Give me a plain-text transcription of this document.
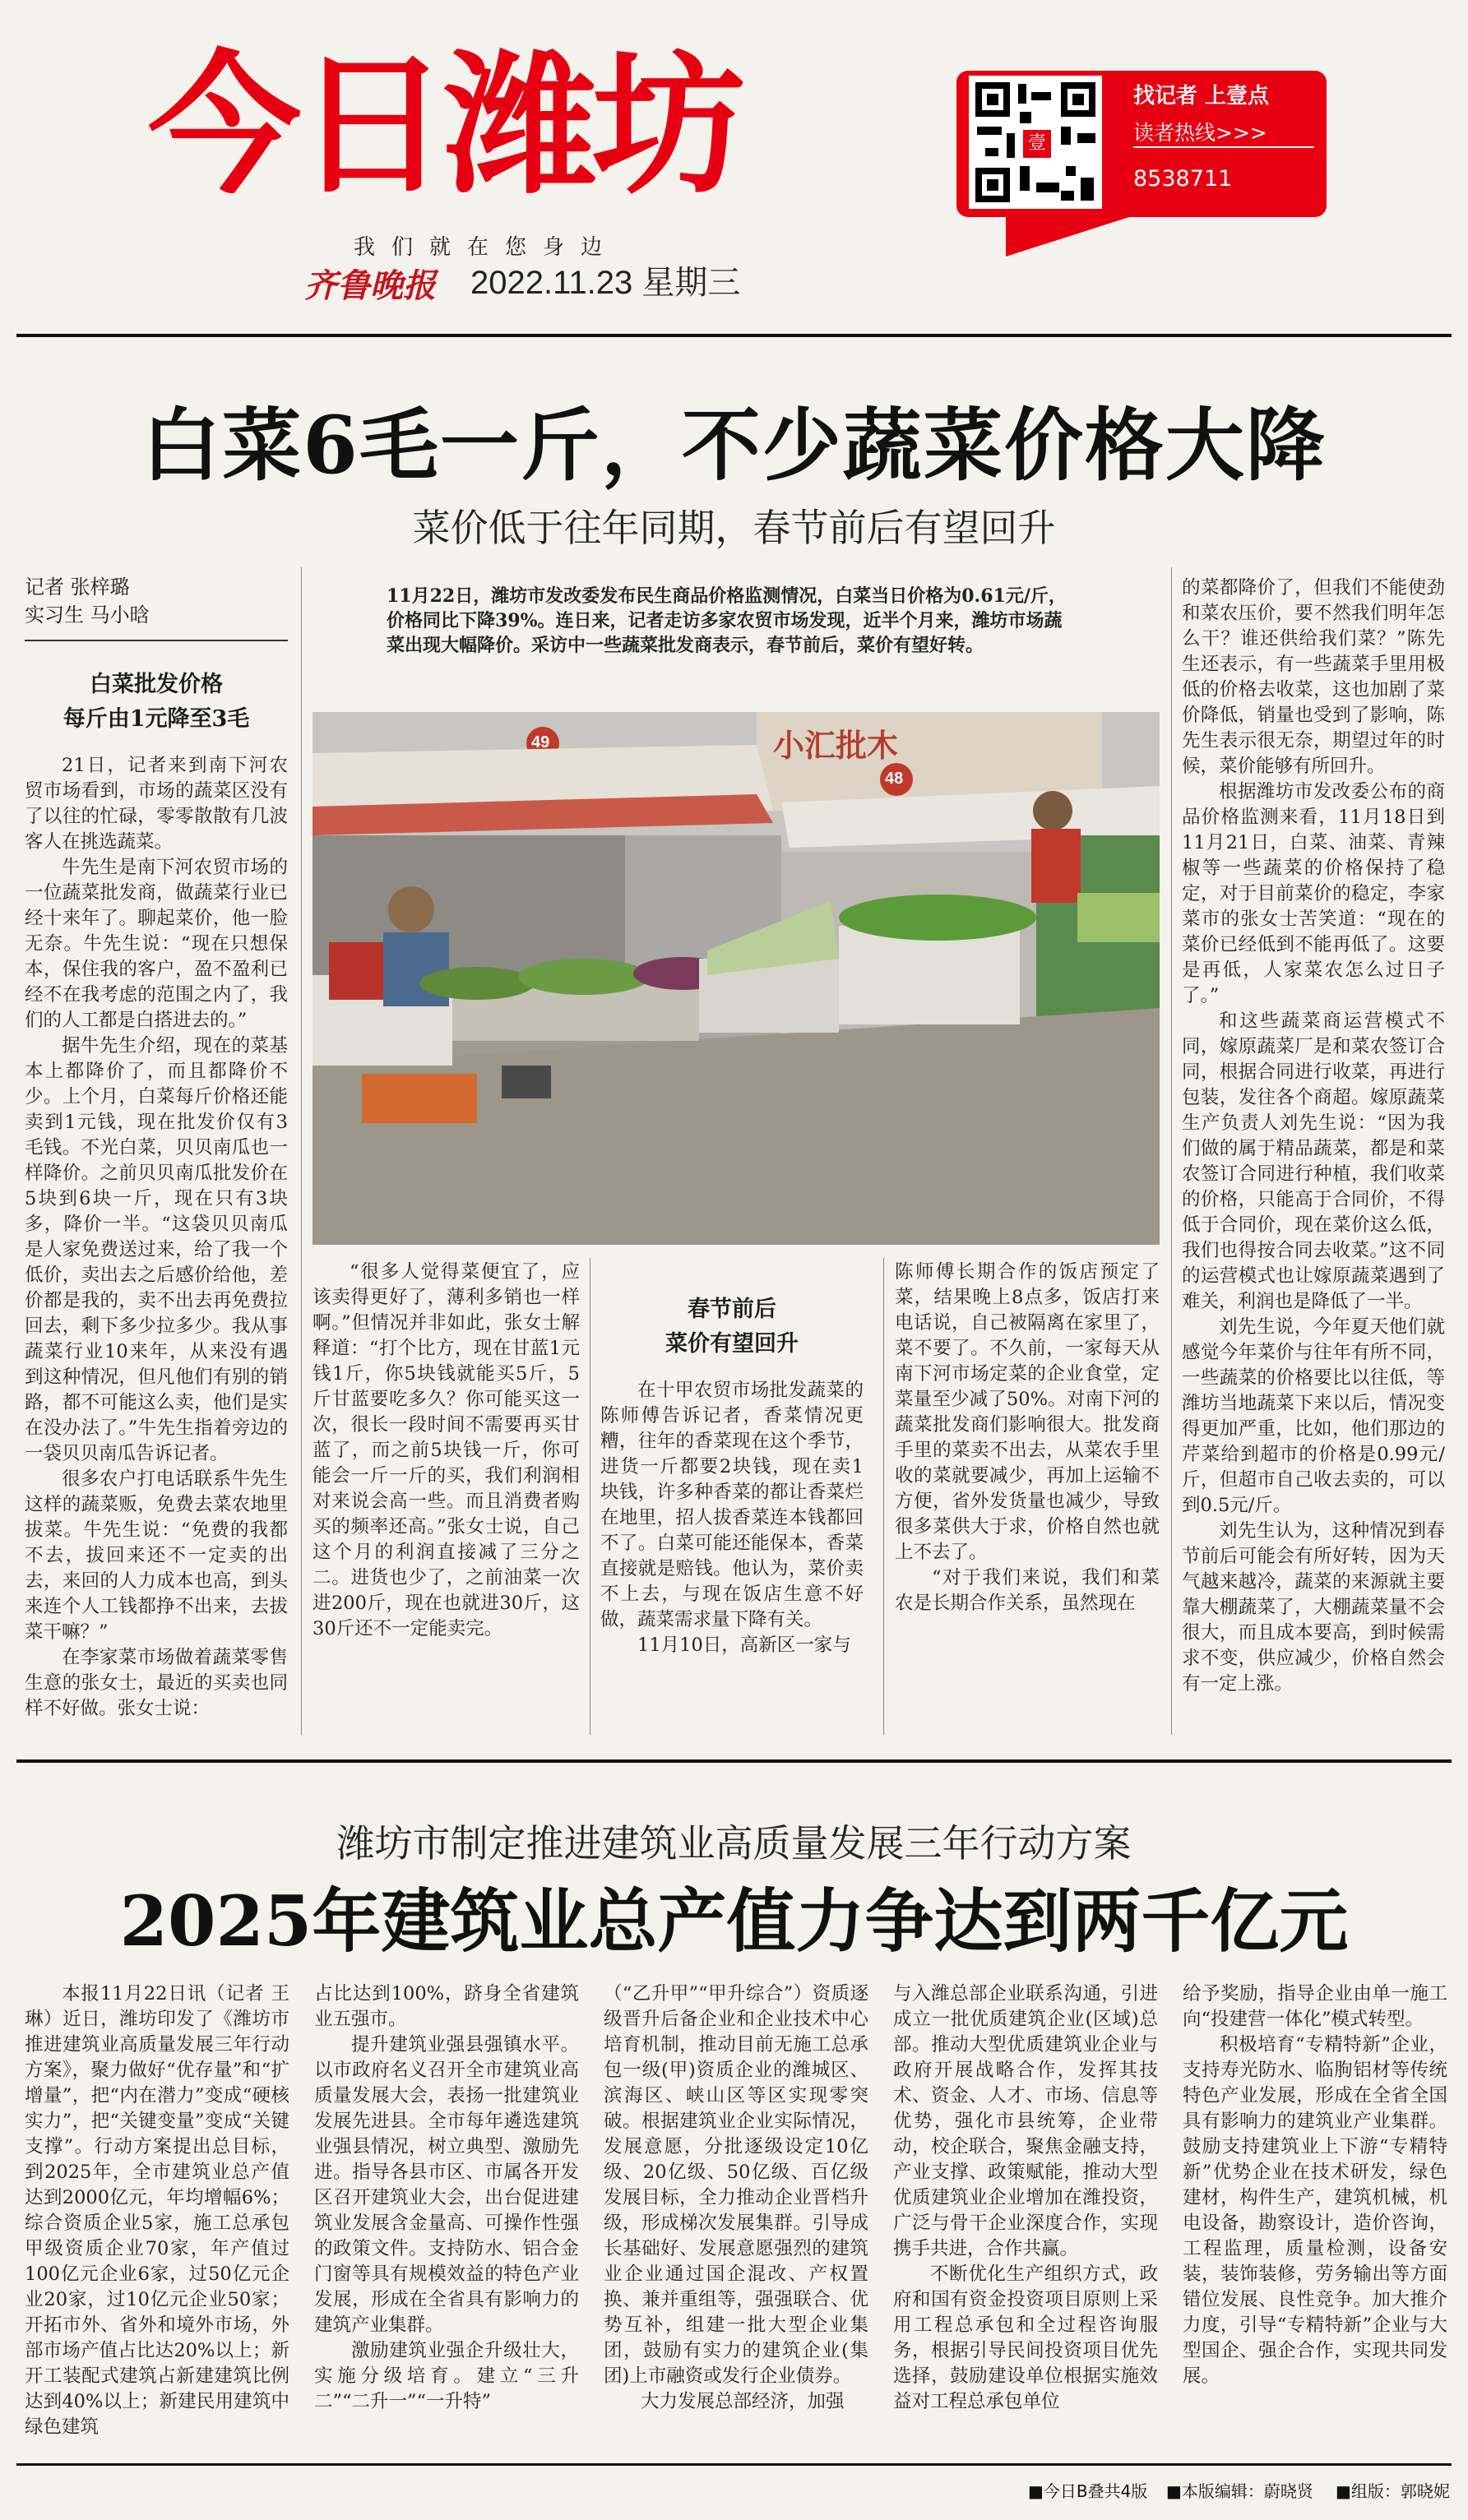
今日潍坊
我们就在您身边
齐鲁晚报 2022.11.23 星期三
壹
找记者 上壹点
读者热线>>>
8538711
白菜6毛一斤，不少蔬菜价格大降
菜价低于往年同期，春节前后有望回升
记者 张梓璐
实习生 马小晗
11月22日，潍坊市发改委发布民生商品价格监测情况，白菜当日价格为0.61元/斤，价格同比下降39%。连日来，记者走访多家农贸市场发现，近半个月来，潍坊市场蔬菜出现大幅降价。采访中一些蔬菜批发商表示，春节前后，菜价有望好转。
白菜批发价格
每斤由1元降至3毛

21日，记者来到南下河农贸市场看到，市场的蔬菜区没有了以往的忙碌，零零散散有几波客人在挑选蔬菜。

牛先生是南下河农贸市场的一位蔬菜批发商，做蔬菜行业已经十来年了。聊起菜价，他一脸无奈。牛先生说：“现在只想保本，保住我的客户，盈不盈利已经不在我考虑的范围之内了，我们的人工都是白搭进去的。”

据牛先生介绍，现在的菜基本上都降价了，而且都降价不少。上个月，白菜每斤价格还能卖到1元钱，现在批发价仅有3毛钱。不光白菜，贝贝南瓜也一样降价。之前贝贝南瓜批发价在5块到6块一斤，现在只有3块多，降价一半。“这袋贝贝南瓜是人家免费送过来，给了我一个低价，卖出去之后感价给他，差价都是我的，卖不出去再免费拉回去，剩下多少拉多少。我从事蔬菜行业10来年，从来没有遇到这种情况，但凡他们有别的销路，都不可能这么卖，他们是实在没办法了。”牛先生指着旁边的一袋贝贝南瓜告诉记者。

很多农户打电话联系牛先生这样的蔬菜贩，免费去菜农地里拔菜。牛先生说：“免费的我都不去，拔回来还不一定卖的出去，来回的人力成本也高，到头来连个人工钱都挣不出来，去拔菜干嘛？”

在李家菜市场做着蔬菜零售生意的张女士，最近的买卖也同样不好做。张女士说：

小汇批木
49
48

“很多人觉得菜便宜了，应该卖得更好了，薄利多销也一样啊。”但情况并非如此，张女士解释道：“打个比方，现在甘蓝1元钱1斤，你5块钱就能买5斤，5斤甘蓝要吃多久？你可能买这一次，很长一段时间不需要再买甘蓝了，而之前5块钱一斤，你可能会一斤一斤的买，我们利润相对来说会高一些。而且消费者购买的频率还高。”张女士说，自己这个月的利润直接减了三分之二。进货也少了，之前油菜一次进200斤，现在也就进30斤，这30斤还不一定能卖完。

春节前后
菜价有望回升

在十甲农贸市场批发蔬菜的陈师傅告诉记者，香菜情况更糟，往年的香菜现在这个季节，进货一斤都要2块钱，现在卖1块钱，许多种香菜的都让香菜烂在地里，招人拔香菜连本钱都回不了。白菜可能还能保本，香菜直接就是赔钱。他认为，菜价卖不上去，与现在饭店生意不好做，蔬菜需求量下降有关。

11月10日，高新区一家与

陈师傅长期合作的饭店预定了菜，结果晚上8点多，饭店打来电话说，自己被隔离在家里了，菜不要了。不久前，一家每天从南下河市场定菜的企业食堂，定菜量至少减了50%。对南下河的蔬菜批发商们影响很大。批发商手里的菜卖不出去，从菜农手里收的菜就要减少，再加上运输不方便，省外发货量也减少，导致很多菜供大于求，价格自然也就上不去了。

“对于我们来说，我们和菜农是长期合作关系，虽然现在

的菜都降价了，但我们不能使劲和菜农压价，要不然我们明年怎么干？谁还供给我们菜？”陈先生还表示，有一些蔬菜手里用极低的价格去收菜，这也加剧了菜价降低，销量也受到了影响，陈先生表示很无奈，期望过年的时候，菜价能够有所回升。

根据潍坊市发改委公布的商品价格监测来看，11月18日到11月21日，白菜、油菜、青辣椒等一些蔬菜的价格保持了稳定，对于目前菜价的稳定，李家菜市的张女士苦笑道：“现在的菜价已经低到不能再低了。这要是再低，人家菜农怎么过日子了。”

和这些蔬菜商运营模式不同，嫁原蔬菜厂是和菜农签订合同，根据合同进行收菜，再进行包装，发往各个商超。嫁原蔬菜生产负责人刘先生说：“因为我们做的属于精品蔬菜，都是和菜农签订合同进行种植，我们收菜的价格，只能高于合同价，不得低于合同价，现在菜价这么低，我们也得按合同去收菜。”这不同的运营模式也让嫁原蔬菜遇到了难关，利润也是降低了一半。

刘先生说，今年夏天他们就感觉今年菜价与往年有所不同，一些蔬菜的价格要比以往低，等潍坊当地蔬菜下来以后，情况变得更加严重，比如，他们那边的芹菜给到超市的价格是0.99元/斤，但超市自己收去卖的，可以到0.5元/斤。

刘先生认为，这种情况到春节前后可能会有所好转，因为天气越来越冷，蔬菜的来源就主要靠大棚蔬菜了，大棚蔬菜量不会很大，而且成本要高，到时候需求不变，供应减少，价格自然会有一定上涨。

潍坊市制定推进建筑业高质量发展三年行动方案
2025年建筑业总产值力争达到两千亿元

本报11月22日讯（记者 王琳）近日，潍坊印发了《潍坊市推进建筑业高质量发展三年行动方案》，聚力做好“优存量”和“扩增量”，把“内在潜力”变成“硬核实力”，把“关键变量”变成“关键支撑”。行动方案提出总目标，到2025年，全市建筑业总产值达到2000亿元，年均增幅6%；综合资质企业5家，施工总承包甲级资质企业70家，年产值过100亿元企业6家，过50亿元企业20家，过10亿元企业50家；开拓市外、省外和境外市场，外部市场产值占比达20%以上；新开工装配式建筑占新建建筑比例达到40%以上；新建民用建筑中绿色建筑

占比达到100%，跻身全省建筑业五强市。

提升建筑业强县强镇水平。以市政府名义召开全市建筑业高质量发展大会，表扬一批建筑业发展先进县。全市每年遴选建筑业强县情况，树立典型、激励先进。指导各县市区、市属各开发区召开建筑业大会，出台促进建筑业发展含金量高、可操作性强的政策文件。支持防水、铝合金门窗等具有规模效益的特色产业发展，形成在全省具有影响力的建筑产业集群。

激励建筑业强企升级壮大，实施分级培育。建立“三升二”“二升一”“一升特”

（“乙升甲”“甲升综合”）资质逐级晋升后备企业和企业技术中心培育机制，推动目前无施工总承包一级(甲)资质企业的潍城区、滨海区、峡山区等区实现零突破。根据建筑业企业实际情况，发展意愿，分批逐级设定10亿级、20亿级、50亿级、百亿级发展目标，全力推动企业晋档升级，形成梯次发展集群。引导成长基础好、发展意愿强烈的建筑业企业通过国企混改、产权置换、兼并重组等，强强联合、优势互补，组建一批大型企业集团，鼓励有实力的建筑企业(集团)上市融资或发行企业债券。

大力发展总部经济，加强

与入潍总部企业联系沟通，引进成立一批优质建筑企业(区域)总部。推动大型优质建筑业企业与政府开展战略合作，发挥其技术、资金、人才、市场、信息等优势，强化市县统筹，企业带动，校企联合，聚焦金融支持，产业支撑、政策赋能，推动大型优质建筑业企业增加在潍投资，广泛与骨干企业深度合作，实现携手共进，合作共赢。

不断优化生产组织方式，政府和国有资金投资项目原则上采用工程总承包和全过程咨询服务，根据引导民间投资项目优先选择，鼓励建设单位根据实施效益对工程总承包单位

给予奖励，指导企业由单一施工向“投建营一体化”模式转型。

积极培育“专精特新”企业，支持寿光防水、临朐铝材等传统特色产业发展，形成在全省全国具有影响力的建筑业产业集群。鼓励支持建筑业上下游“专精特新”优势企业在技术研发，绿色建材，构件生产，建筑机械，机电设备，勘察设计，造价咨询，工程监理，质量检测，设备安装，装饰装修，劳务输出等方面错位发展、良性竞争。加大推介力度，引导“专精特新”企业与大型国企、强企合作，实现共同发展。

■今日B叠共4版 ■本版编辑：蔚晓贤 ■组版：郭晓妮
